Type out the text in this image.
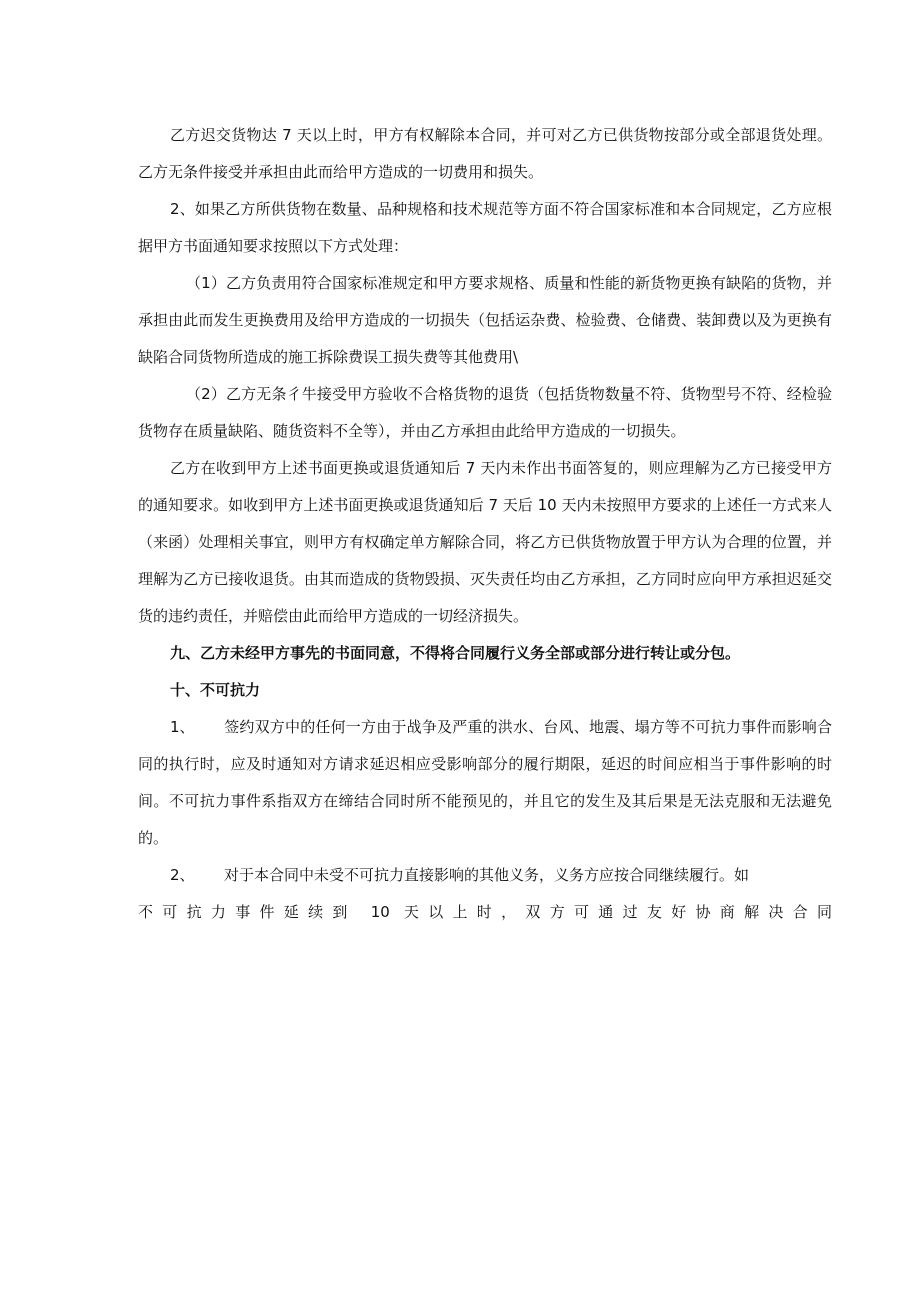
乙方迟交货物达 7 天以上时，甲方有权解除本合同，并可对乙方已供货物按部分或全部退货处理。乙方无条件接受并承担由此而给甲方造成的一切费用和损失。

2、如果乙方所供货物在数量、品种规格和技术规范等方面不符合国家标准和本合同规定，乙方应根据甲方书面通知要求按照以下方式处理：

（1）乙方负责用符合国家标准规定和甲方要求规格、质量和性能的新货物更换有缺陷的货物，并承担由此而发生更换费用及给甲方造成的一切损失（包括运杂费、检验费、仓储费、装卸费以及为更换有缺陷合同货物所造成的施工拆除费误工损失费等其他费用\

（2）乙方无条彳牛接受甲方验收不合格货物的退货（包括货物数量不符、货物型号不符、经检验货物存在质量缺陷、随货资料不全等），并由乙方承担由此给甲方造成的一切损失。

乙方在收到甲方上述书面更换或退货通知后 7 天内未作出书面答复的，则应理解为乙方已接受甲方的通知要求。如收到甲方上述书面更换或退货通知后 7 天后 10 天内未按照甲方要求的上述任一方式来人（来函）处理相关事宜，则甲方有权确定单方解除合同，将乙方已供货物放置于甲方认为合理的位置，并理解为乙方已接收退货。由其而造成的货物毁损、灭失责任均由乙方承担，乙方同时应向甲方承担迟延交货的违约责任，并赔偿由此而给甲方造成的一切经济损失。

九、乙方未经甲方事先的书面同意，不得将合同履行义务全部或部分进行转让或分包。

十、不可抗力

1、 签约双方中的任何一方由于战争及严重的洪水、台风、地震、塌方等不可抗力事件而影响合同的执行时，应及时通知对方请求延迟相应受影响部分的履行期限，延迟的时间应相当于事件影响的时间。不可抗力事件系指双方在缔结合同时所不能预见的，并且它的发生及其后果是无法克服和无法避免的。

2、 对于本合同中未受不可抗力直接影响的其他义务，义务方应按合同继续履行。如

不可抗力事件延续到 10 天以上时，双方可通过友好协商解决合同
